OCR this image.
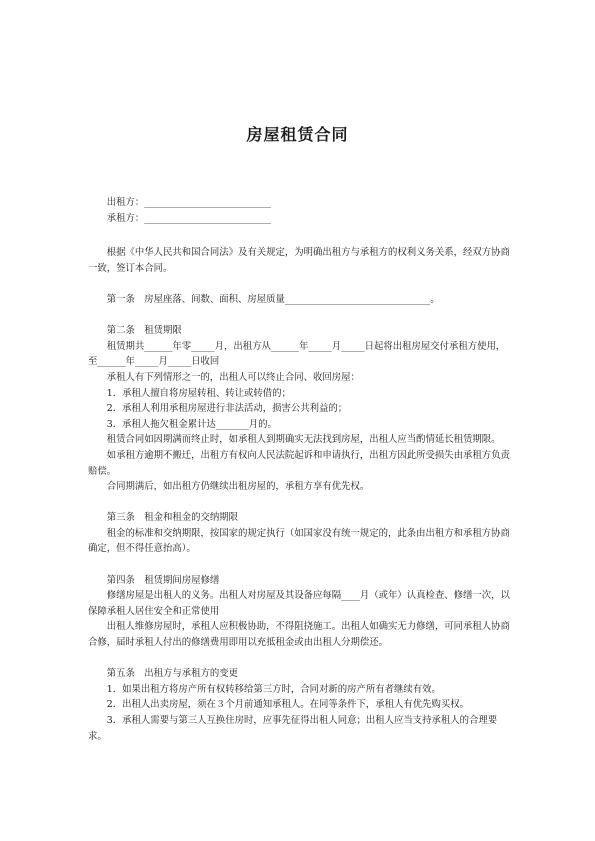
房屋租赁合同

出租方：___________________________

承租方：___________________________

根据《中华人民共和国合同法》及有关规定，为明确出租方与承租方的权利义务关系，经双方协商一致，签订本合同。

第一条　房屋座落、间数、面积、房屋质量_______________________________。

第二条　租赁期限

租赁期共______年零_____月，出租方从______年_____月_____日起将出租房屋交付承租方使用，至______年_____月_____日收回

承租人有下列情形之一的，出租人可以终止合同、收回房屋：

1．承租人擅自将房屋转租、转让或转借的；

2．承租人利用承租房屋进行非法活动，损害公共利益的；

3．承租人拖欠租金累计达_______月的。

租赁合同如因期满而终止时，如承租人到期确实无法找到房屋，出租人应当酌情延长租赁期限。

如承租方逾期不搬迁，出租方有权向人民法院起诉和申请执行，出租方因此所受损失由承租方负责赔偿。

合同期满后，如出租方仍继续出租房屋的，承租方享有优先权。

第三条　租金和租金的交纳期限

租金的标准和交纳期限，按国家的规定执行（如国家没有统一规定的，此条由出租方和承租方协商确定，但不得任意抬高）。

第四条　租赁期间房屋修缮

修缮房屋是出租人的义务。出租人对房屋及其设备应每隔____月（或年）认真检查、修缮一次，以保障承租人居住安全和正常使用

出租人维修房屋时，承租人应积极协助，不得阻挠施工。出租人如确实无力修缮，可同承租人协商合修，届时承租人付出的修缮费用即用以充抵租金或由出租人分期偿还。

第五条　出租方与承租方的变更

1．如果出租方将房产所有权转移给第三方时，合同对新的房产所有者继续有效。

2．出租人出卖房屋，须在３个月前通知承租人。在同等条件下，承租人有优先购买权。

3．承租人需要与第三人互换住房时，应事先征得出租人同意；出租人应当支持承租人的合理要求。
